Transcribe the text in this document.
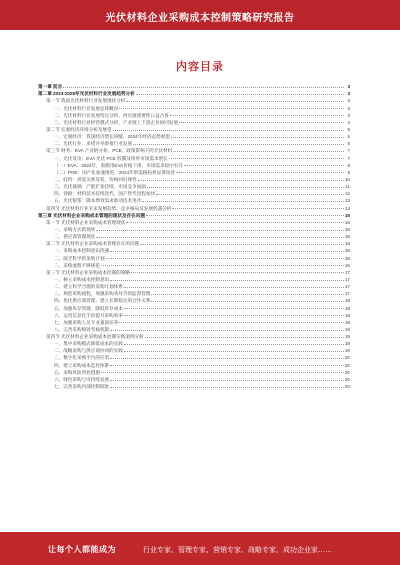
光伏材料企业采购成本控制策略研究报告
内容目录
第一章 前言	3
第二章 2023-2028年光伏材料行业发展趋势分析	3
第一节 我国光伏材料行业发展现状分析	3
一、光伏材料行业发展总体概况	3
二、光伏材料行业发展特点分析，供应链重要性日益凸显	3
三、光伏材料行业经营模式分析，产业链上下游企业协同发展	4
第二节 宏观经济环境分析及展望	5
一、宏观经济：我国经济增长回暖，2024年经济态势展望	5
二、光伏行业：多措并举助推行业发展	6
第三节 财务：EVA 产业链分析、PCE、政策影响下的光伏材料	7
一、光伏发电：EVA 光伏 PCE 胶膜及组件市场需求增长	7
（一）EVA：2023年，胶膜用EVA价格下滑，市场需求稳中有升	8
（二）POE：国产化加速推进，2024年供需格局将显著改善	9
二、硅料：供需关系反转，价格回归理性	10
三、光伏玻璃：产能扩张持续，市场竞争加剧	11
四、背板：材料技术持续迭代，国产替代进程加快	12
五、光伏银浆：降本增效需求推动技术进步	13
第四节 光伏材料行业未来发展趋势，竞争格局及发展机遇分析	14
第三章 光伏材料企业采购成本管理的现状及存在问题	15
第一节 光伏材料企业采购成本管理现状	15
一、采购方式的现状	15
二、供应商管理现状	15
第二节 光伏材料企业采购成本管理存在的问题	16
一、采购成本控制意识淡薄	16
二、缺乏科学的采购计划	16
三、采购流程不够规范	16
第三节 光伏材料企业采购成本控制的策略	17
一、树立采购成本控制意识	17
二、建立科学合理的采购计划体系	17
三、规范采购流程，加强采购各环节的监督管理	17
四、优化供应商管理，建立长期稳定的合作关系	18
五、加强库存管理，降低库存成本	18
六、运用信息化手段提升采购效率	18
七、加强采购人员专业素质培养	19
八、完善采购绩效考核机制	19
第四节 光伏材料企业采购成本控制实践案例分析	19
一、集中采购模式降低成本的实践	19
二、战略采购与供应商协同的实践	19
三、数字化采购平台的应用	20
四、建立采购成本监控体系	20
五、采购风险管控措施	20
六、绿色采购与可持续发展	20
七、完善采购内部控制制度	20
让每个人都能成为	行业专家、管理专家、营销专家、战略专家、成功企业家……
